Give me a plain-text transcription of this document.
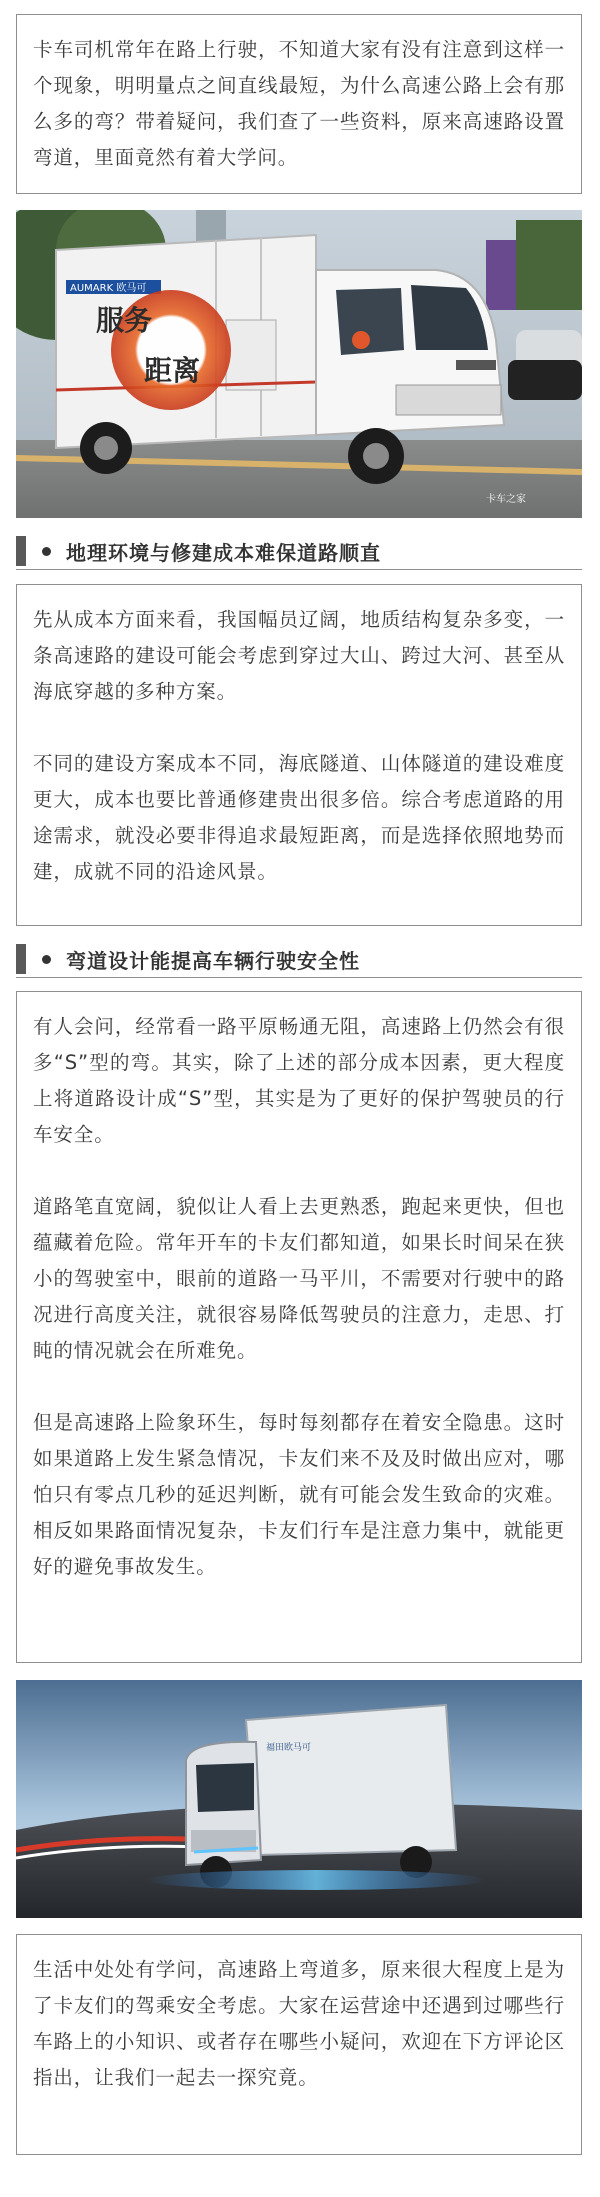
卡车司机常年在路上行驶，不知道大家有没有注意到这样一个现象，明明量点之间直线最短，为什么高速公路上会有那么多的弯？带着疑问，我们查了一些资料，原来高速路设置弯道，里面竟然有着大学问。

AUMARK 欧马可
服务
距离
卡车之家
地理环境与修建成本难保道路顺直

先从成本方面来看，我国幅员辽阔，地质结构复杂多变，一条高速路的建设可能会考虑到穿过大山、跨过大河、甚至从海底穿越的多种方案。

不同的建设方案成本不同，海底隧道、山体隧道的建设难度更大，成本也要比普通修建贵出很多倍。综合考虑道路的用途需求，就没必要非得追求最短距离，而是选择依照地势而建，成就不同的沿途风景。

弯道设计能提高车辆行驶安全性

有人会问，经常看一路平原畅通无阻，高速路上仍然会有很多“S”型的弯。其实，除了上述的部分成本因素，更大程度上将道路设计成“S”型，其实是为了更好的保护驾驶员的行车安全。

道路笔直宽阔，貌似让人看上去更熟悉，跑起来更快，但也蕴藏着危险。常年开车的卡友们都知道，如果长时间呆在狭小的驾驶室中，眼前的道路一马平川，不需要对行驶中的路况进行高度关注，就很容易降低驾驶员的注意力，走思、打盹的情况就会在所难免。

但是高速路上险象环生，每时每刻都存在着安全隐患。这时如果道路上发生紧急情况，卡友们来不及及时做出应对，哪怕只有零点几秒的延迟判断，就有可能会发生致命的灾难。相反如果路面情况复杂，卡友们行车是注意力集中，就能更好的避免事故发生。

福田欧马可

生活中处处有学问，高速路上弯道多，原来很大程度上是为了卡友们的驾乘安全考虑。大家在运营途中还遇到过哪些行车路上的小知识、或者存在哪些小疑问，欢迎在下方评论区指出，让我们一起去一探究竟。
